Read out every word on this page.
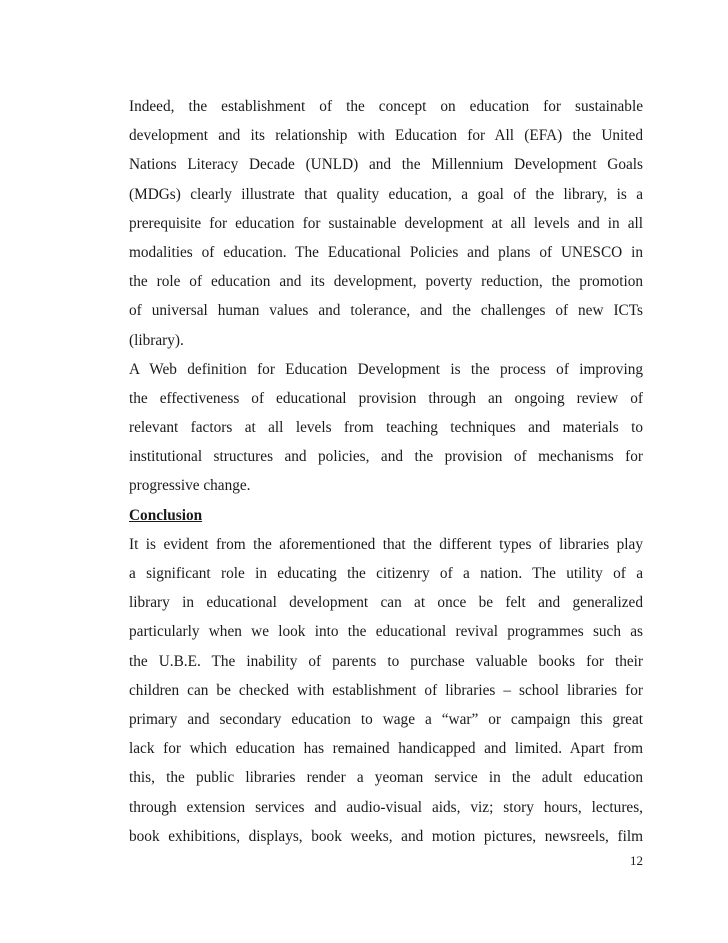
Indeed, the establishment of the concept on education for sustainable
development and its relationship with Education for All (EFA) the United
Nations Literacy Decade (UNLD) and the Millennium Development Goals
(MDGs) clearly illustrate that quality education, a goal of the library, is a
prerequisite for education for sustainable development at all levels and in all
modalities of education. The Educational Policies and plans of UNESCO in
the role of education and its development, poverty reduction, the promotion
of universal human values and tolerance, and the challenges of new ICTs
(library).
A Web definition for Education Development is the process of improving
the effectiveness of educational provision through an ongoing review of
relevant factors at all levels from teaching techniques and materials to
institutional structures and policies, and the provision of mechanisms for
progressive change.
Conclusion
It is evident from the aforementioned that the different types of libraries play
a significant role in educating the citizenry of a nation. The utility of a
library in educational development can at once be felt and generalized
particularly when we look into the educational revival programmes such as
the U.B.E. The inability of parents to purchase valuable books for their
children can be checked with establishment of libraries – school libraries for
primary and secondary education to wage a “war” or campaign this great
lack for which education has remained handicapped and limited. Apart from
this, the public libraries render a yeoman service in the adult education
through extension services and audio-visual aids, viz; story hours, lectures,
book exhibitions, displays, book weeks, and motion pictures, newsreels, film
12
